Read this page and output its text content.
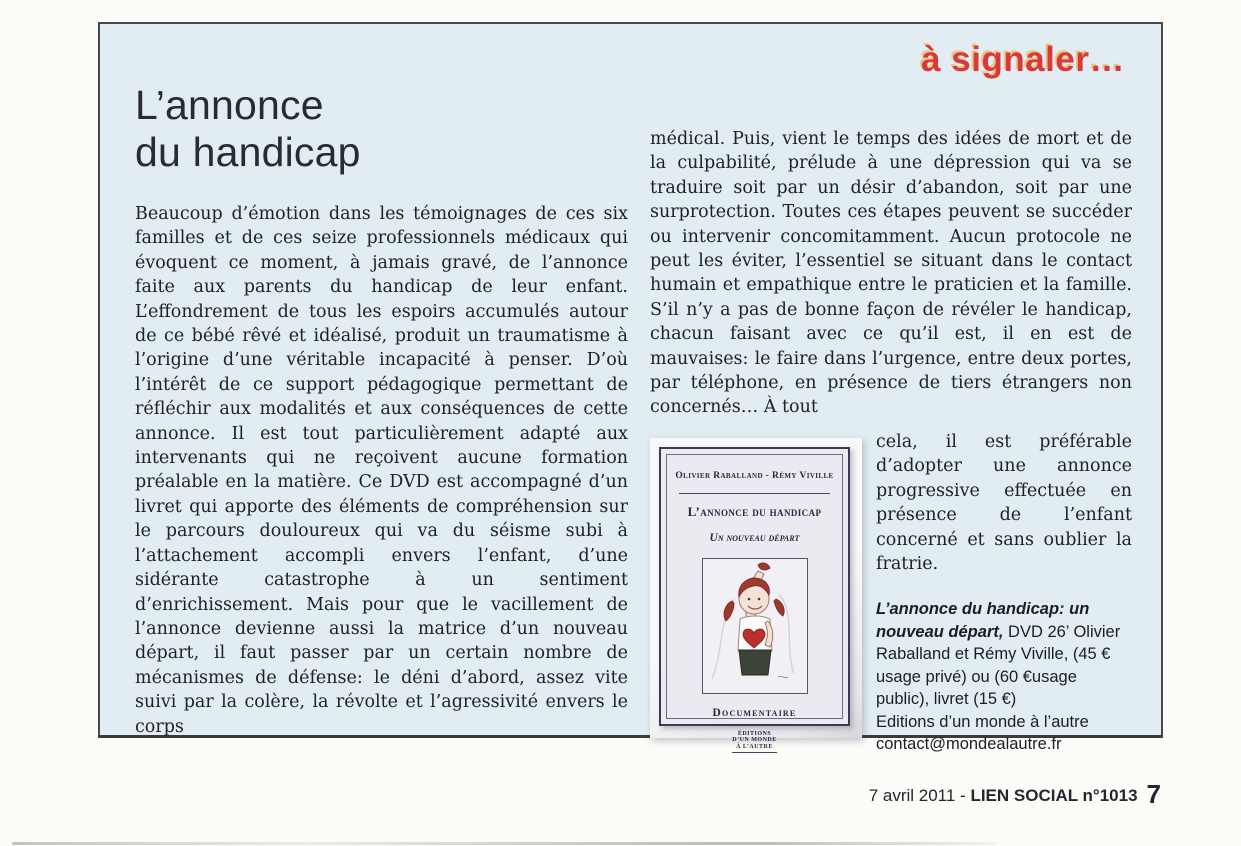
à signaler…
L’annonce
du handicap

Beaucoup d’émotion dans les témoignages de ces six familles et de ces seize professionnels médicaux qui évoquent ce moment, à jamais gravé, de l’annonce faite aux parents du handicap de leur enfant. L’effondrement de tous les espoirs accumulés autour de ce bébé rêvé et idéalisé, produit un traumatisme à l’origine d’une véritable incapacité à penser. D’où l’intérêt de ce support pédagogique permettant de réfléchir aux modalités et aux conséquences de cette annonce. Il est tout particulièrement adapté aux intervenants qui ne reçoivent aucune formation préalable en la matière. Ce DVD est accompagné d’un livret qui apporte des éléments de compréhension sur le parcours douloureux qui va du séisme subi à l’attachement accompli envers l’enfant, d’une sidérante catastrophe à un sentiment d’enrichissement. Mais pour que le vacillement de l’annonce devienne aussi la matrice d’un nouveau départ, il faut passer par un certain nombre de mécanismes de défense: le déni d’abord, assez vite suivi par la colère, la révolte et l’agressivité envers le corps

médical. Puis, vient le temps des idées de mort et de la culpabilité, prélude à une dépression qui va se traduire soit par un désir d’abandon, soit par une surprotection. Toutes ces étapes peuvent se succéder ou intervenir concomitamment. Aucun protocole ne peut les éviter, l’essentiel se situant dans le contact humain et empathique entre le praticien et la famille. S’il n’y a pas de bonne façon de révéler le handicap, chacun faisant avec ce qu’il est, il en est de mauvaises: le faire dans l’urgence, entre deux portes, par téléphone, en présence de tiers étrangers non concernés… À tout

Olivier Raballand - Rémy Viville
L’annonce du handicap
Un nouveau départ
Documentaire
ÉDITIONS
D’UN MONDE
À L’AUTRE

cela, il est préférable d’adopter une annonce progressive effectuée en présence de l’enfant concerné et sans oublier la fratrie.

L’annonce du handicap: un nouveau départ, DVD 26’ Olivier Raballand et Rémy Viville, (45 € usage privé) ou (60 €usage public), livret (15 €)
Editions d’un monde à l’autre
contact@mondealautre.fr
7 avril 2011 - LIEN SOCIAL n°1013 7
